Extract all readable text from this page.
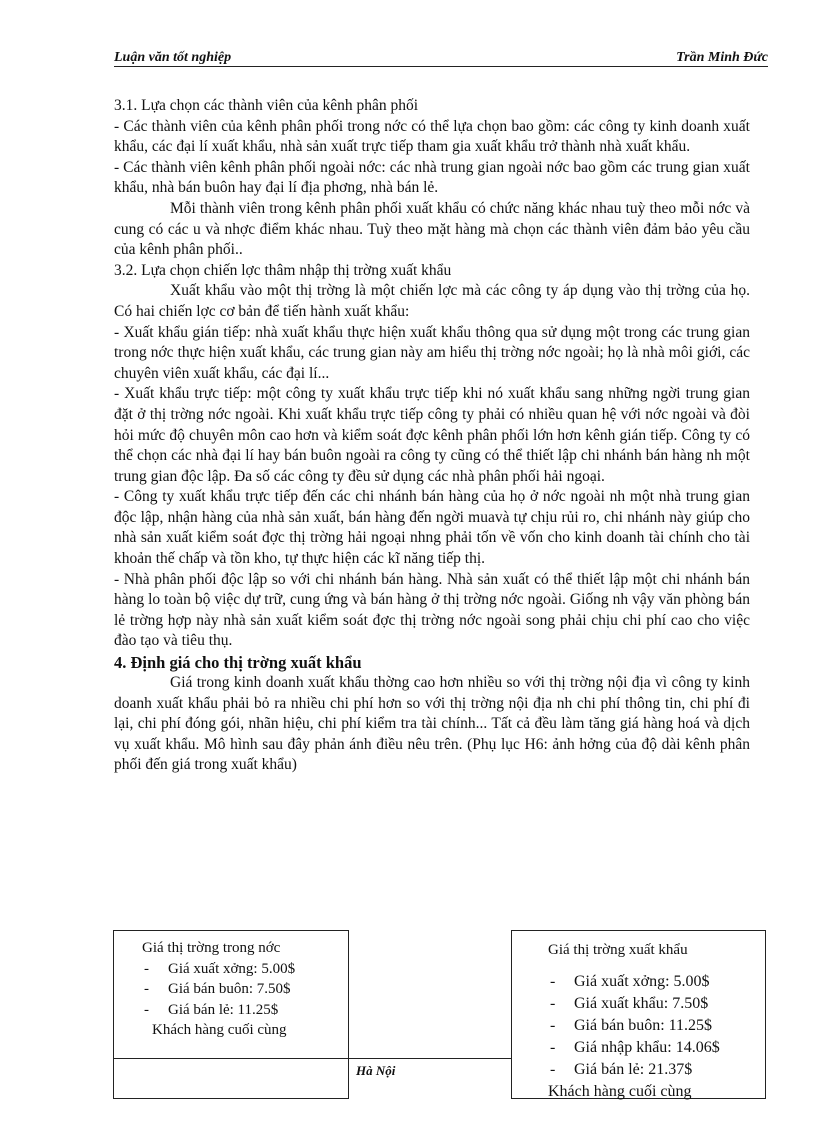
Luận văn tốt nghiệp	Trần Minh Đức

3.1. Lựa chọn các thành viên của kênh phân phối

- Các thành viên của kênh phân phối trong nớc có thể lựa chọn bao gồm: các công ty kinh doanh xuất khẩu, các đại lí xuất khẩu, nhà sản xuất trực tiếp tham gia xuất khẩu trở thành nhà xuất khẩu.

- Các thành viên kênh phân phối ngoài nớc: các nhà trung gian ngoài nớc bao gồm các trung gian xuất khẩu, nhà bán buôn hay đại lí địa phơng, nhà bán lẻ.

Mỗi thành viên trong kênh phân phối xuất khẩu có chức năng khác nhau tuỳ theo mỗi nớc và cung có các u và nhợc điểm khác nhau. Tuỳ theo mặt hàng mà chọn các thành viên đảm bảo yêu cầu của kênh phân phối..

3.2. Lựa chọn chiến lợc thâm nhập thị trờng xuất khẩu

Xuất khẩu vào một thị trờng là một chiến lợc mà các công ty áp dụng vào thị trờng của họ. Có hai chiến lợc cơ bản để tiến hành xuất khẩu:

- Xuất khẩu gián tiếp: nhà xuất khẩu thực hiện xuất khẩu thông qua sử dụng một trong các trung gian trong nớc thực hiện xuất khẩu, các trung gian này am hiểu thị trờng nớc ngoài; họ là nhà môi giới, các chuyên viên xuất khẩu, các đại lí...

- Xuất khẩu trực tiếp: một công ty xuất khẩu trực tiếp khi nó xuất khẩu sang những ngời trung gian đặt ở thị trờng nớc ngoài. Khi xuất khẩu trực tiếp công ty phải có nhiều quan hệ với nớc ngoài và đòi hỏi mức độ chuyên môn cao hơn và kiểm soát đợc kênh phân phối lớn hơn kênh gián tiếp. Công ty có thể chọn các nhà đại lí hay bán buôn ngoài ra công ty cũng có thể thiết lập chi nhánh bán hàng nh một trung gian độc lập. Đa số các công ty đều sử dụng các nhà phân phối hải ngoại.

- Công ty xuất khẩu trực tiếp đến các chi nhánh bán hàng của họ ở nớc ngoài nh một nhà trung gian độc lập, nhận hàng của nhà sản xuất, bán hàng đến ngời muavà tự chịu rủi ro, chi nhánh này giúp cho nhà sản xuất kiểm soát đợc thị trờng hải ngoại nhng phải tốn về vốn cho kinh doanh tài chính cho tài khoản thế chấp và tồn kho, tự thực hiện các kĩ năng tiếp thị.

- Nhà phân phối độc lập so với chi nhánh bán hàng. Nhà sản xuất có thể thiết lập một chi nhánh bán hàng lo toàn bộ việc dự trữ, cung ứng và bán hàng ở thị trờng nớc ngoài. Giống nh vậy văn phòng bán lẻ trờng hợp này nhà sản xuất kiểm soát đợc thị trờng nớc ngoài song phải chịu chi phí cao cho việc đào tạo và tiêu thụ.

4. Định giá cho thị trờng xuất khẩu

Giá trong kinh doanh xuất khẩu thờng cao hơn nhiều so với thị trờng nội địa vì công ty kinh doanh xuất khẩu phải bỏ ra nhiều chi phí hơn so với thị trờng nội địa nh chi phí thông tin, chi phí đi lại, chi phí đóng gói, nhãn hiệu, chi phí kiểm tra tài chính... Tất cả đều làm tăng giá hàng hoá và dịch vụ xuất khẩu. Mô hình sau đây phản ánh điều nêu trên. (Phụ lục H6: ảnh hởng của độ dài kênh phân phối đến giá trong xuất khẩu)

Giá thị trờng trong nớc
- Giá xuất xởng: 5.00$
- Giá bán buôn: 7.50$
- Giá bán lẻ: 11.25$
Khách hàng cuối cùng
Hà Nội
Giá thị trờng xuất khẩu
- Giá xuất xởng: 5.00$
- Giá xuất khẩu: 7.50$
- Giá bán buôn: 11.25$
- Giá nhập khẩu: 14.06$
- Giá bán lẻ: 21.37$
Khách hàng cuối cùng
